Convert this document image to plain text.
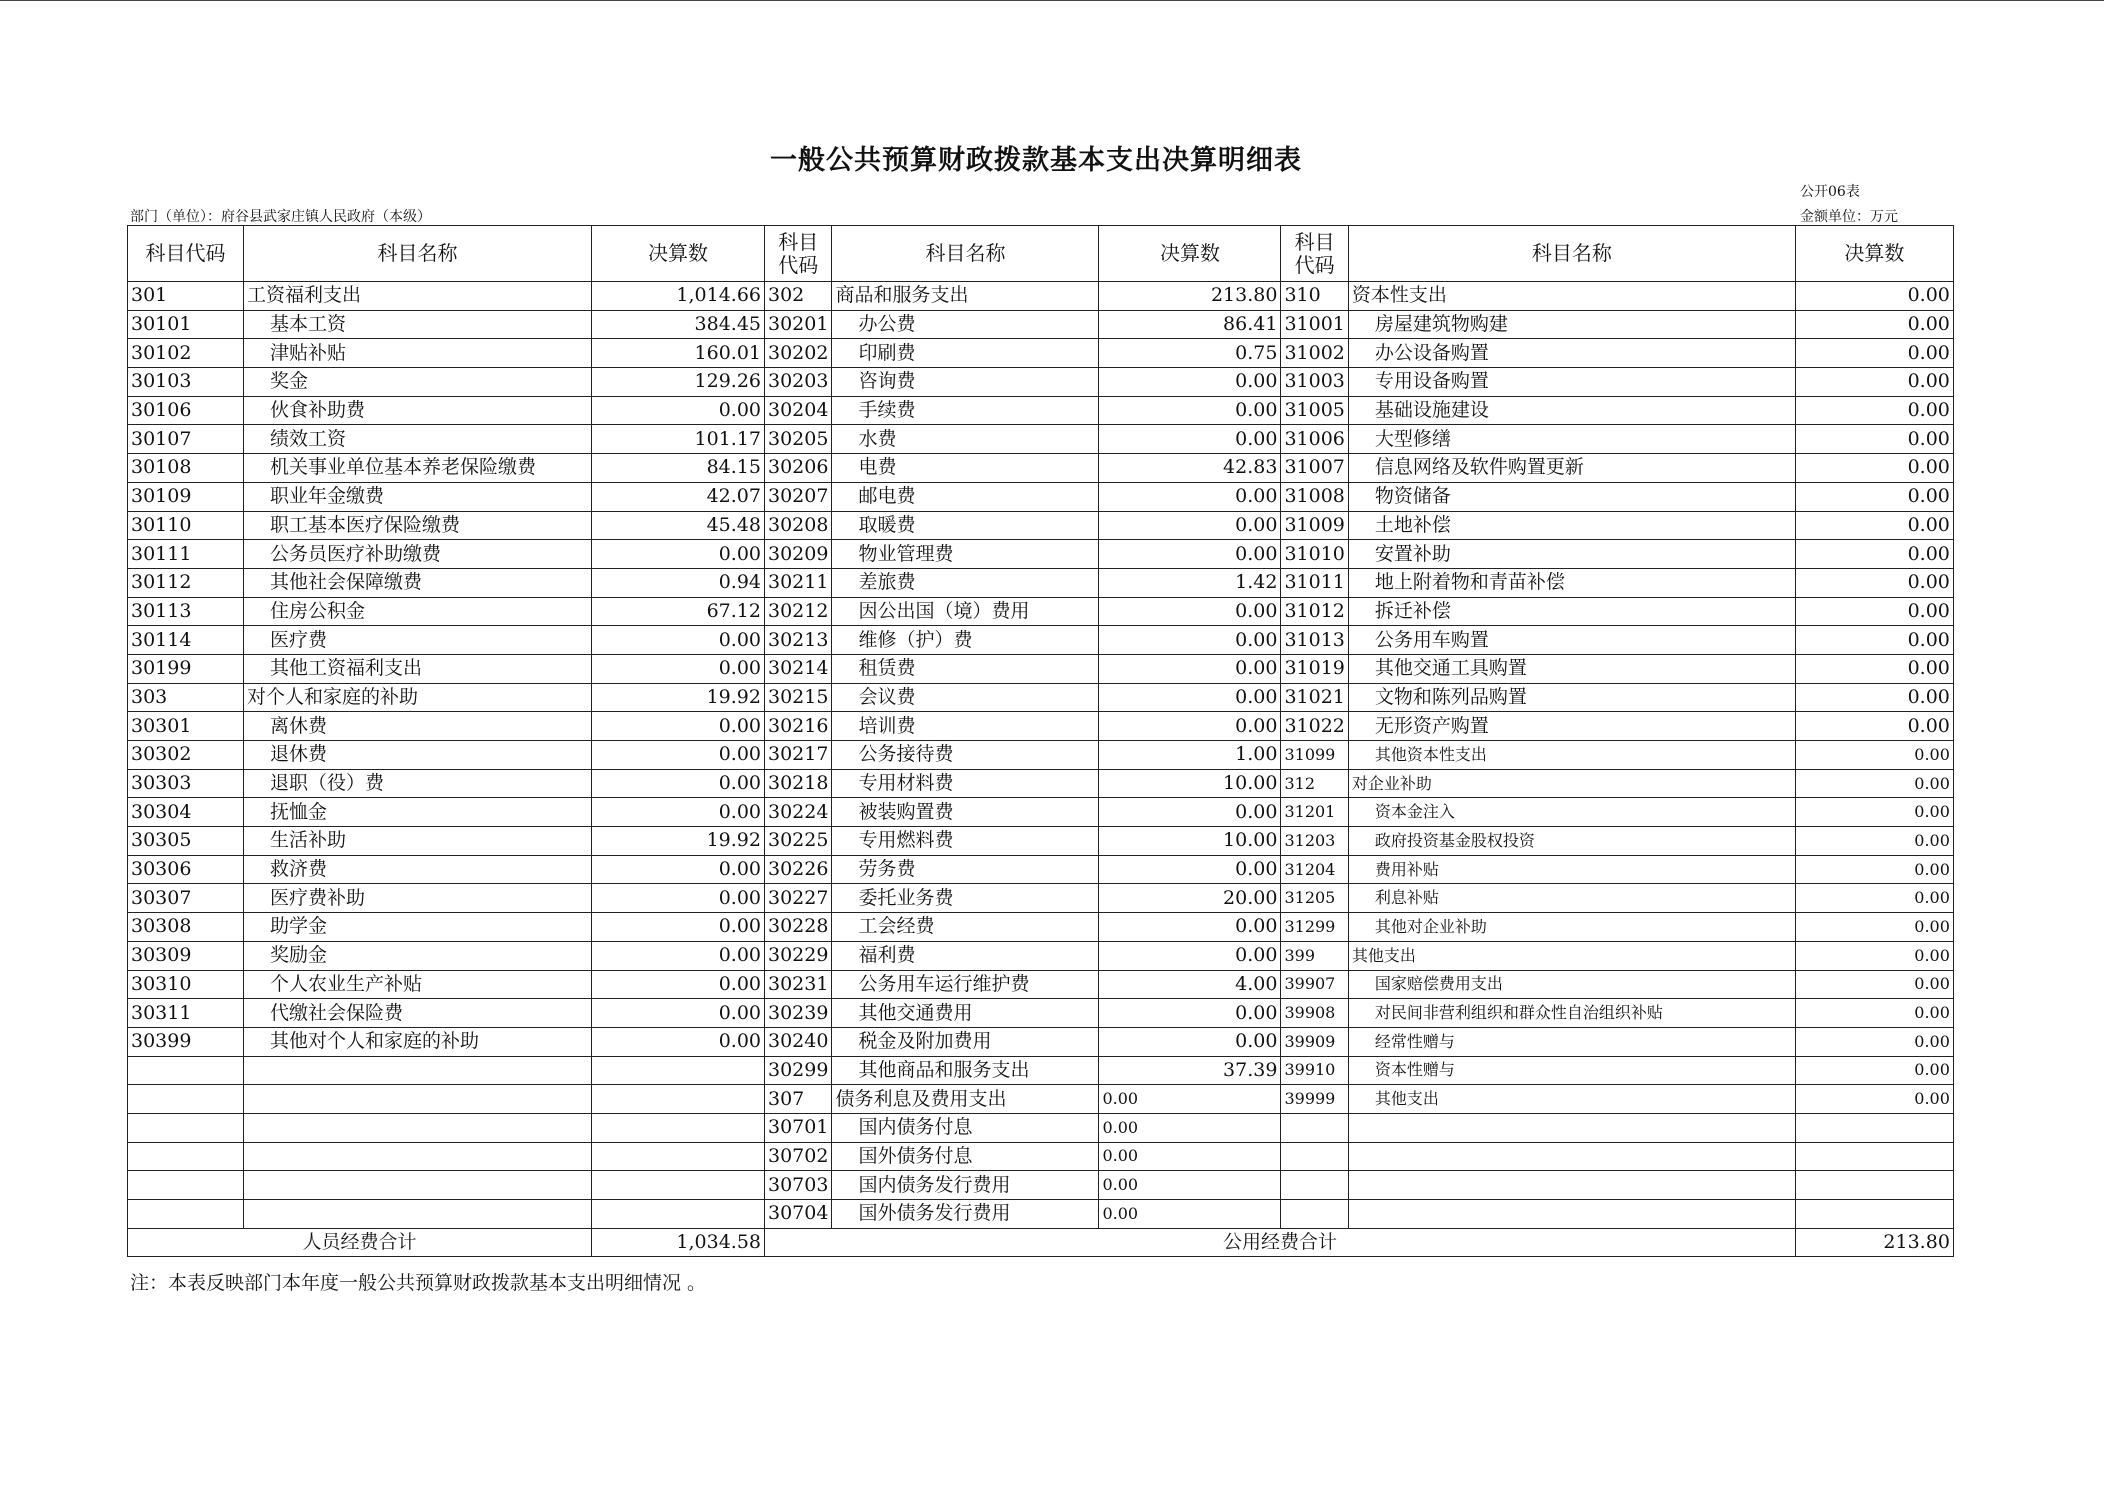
一般公共预算财政拨款基本支出决算明细表
公开06表
部门（单位）：府谷县武家庄镇人民政府（本级）	金额单位：万元
科目代码	科目名称	决算数	科目代码	科目名称	决算数	科目代码	科目名称	决算数
301	工资福利支出	1,014.66	302	商品和服务支出	213.80	310	资本性支出	0.00
30101	基本工资	384.45	30201	办公费	86.41	31001	房屋建筑物购建	0.00
30102	津贴补贴	160.01	30202	印刷费	0.75	31002	办公设备购置	0.00
30103	奖金	129.26	30203	咨询费	0.00	31003	专用设备购置	0.00
30106	伙食补助费	0.00	30204	手续费	0.00	31005	基础设施建设	0.00
30107	绩效工资	101.17	30205	水费	0.00	31006	大型修缮	0.00
30108	机关事业单位基本养老保险缴费	84.15	30206	电费	42.83	31007	信息网络及软件购置更新	0.00
30109	职业年金缴费	42.07	30207	邮电费	0.00	31008	物资储备	0.00
30110	职工基本医疗保险缴费	45.48	30208	取暖费	0.00	31009	土地补偿	0.00
30111	公务员医疗补助缴费	0.00	30209	物业管理费	0.00	31010	安置补助	0.00
30112	其他社会保障缴费	0.94	30211	差旅费	1.42	31011	地上附着物和青苗补偿	0.00
30113	住房公积金	67.12	30212	因公出国（境）费用	0.00	31012	拆迁补偿	0.00
30114	医疗费	0.00	30213	维修（护）费	0.00	31013	公务用车购置	0.00
30199	其他工资福利支出	0.00	30214	租赁费	0.00	31019	其他交通工具购置	0.00
303	对个人和家庭的补助	19.92	30215	会议费	0.00	31021	文物和陈列品购置	0.00
30301	离休费	0.00	30216	培训费	0.00	31022	无形资产购置	0.00
30302	退休费	0.00	30217	公务接待费	1.00	31099	其他资本性支出	0.00
30303	退职（役）费	0.00	30218	专用材料费	10.00	312	对企业补助	0.00
30304	抚恤金	0.00	30224	被装购置费	0.00	31201	资本金注入	0.00
30305	生活补助	19.92	30225	专用燃料费	10.00	31203	政府投资基金股权投资	0.00
30306	救济费	0.00	30226	劳务费	0.00	31204	费用补贴	0.00
30307	医疗费补助	0.00	30227	委托业务费	20.00	31205	利息补贴	0.00
30308	助学金	0.00	30228	工会经费	0.00	31299	其他对企业补助	0.00
30309	奖励金	0.00	30229	福利费	0.00	399	其他支出	0.00
30310	个人农业生产补贴	0.00	30231	公务用车运行维护费	4.00	39907	国家赔偿费用支出	0.00
30311	代缴社会保险费	0.00	30239	其他交通费用	0.00	39908	对民间非营利组织和群众性自治组织补贴	0.00
30399	其他对个人和家庭的补助	0.00	30240	税金及附加费用	0.00	39909	经常性赠与	0.00
			30299	其他商品和服务支出	37.39	39910	资本性赠与	0.00
			307	债务利息及费用支出	0.00	39999	其他支出	0.00
			30701	国内债务付息	0.00			
			30702	国外债务付息	0.00			
			30703	国内债务发行费用	0.00			
			30704	国外债务发行费用	0.00			
人员经费合计		1,034.58	公用经费合计					213.80
注：本表反映部门本年度一般公共预算财政拨款基本支出明细情况 。
